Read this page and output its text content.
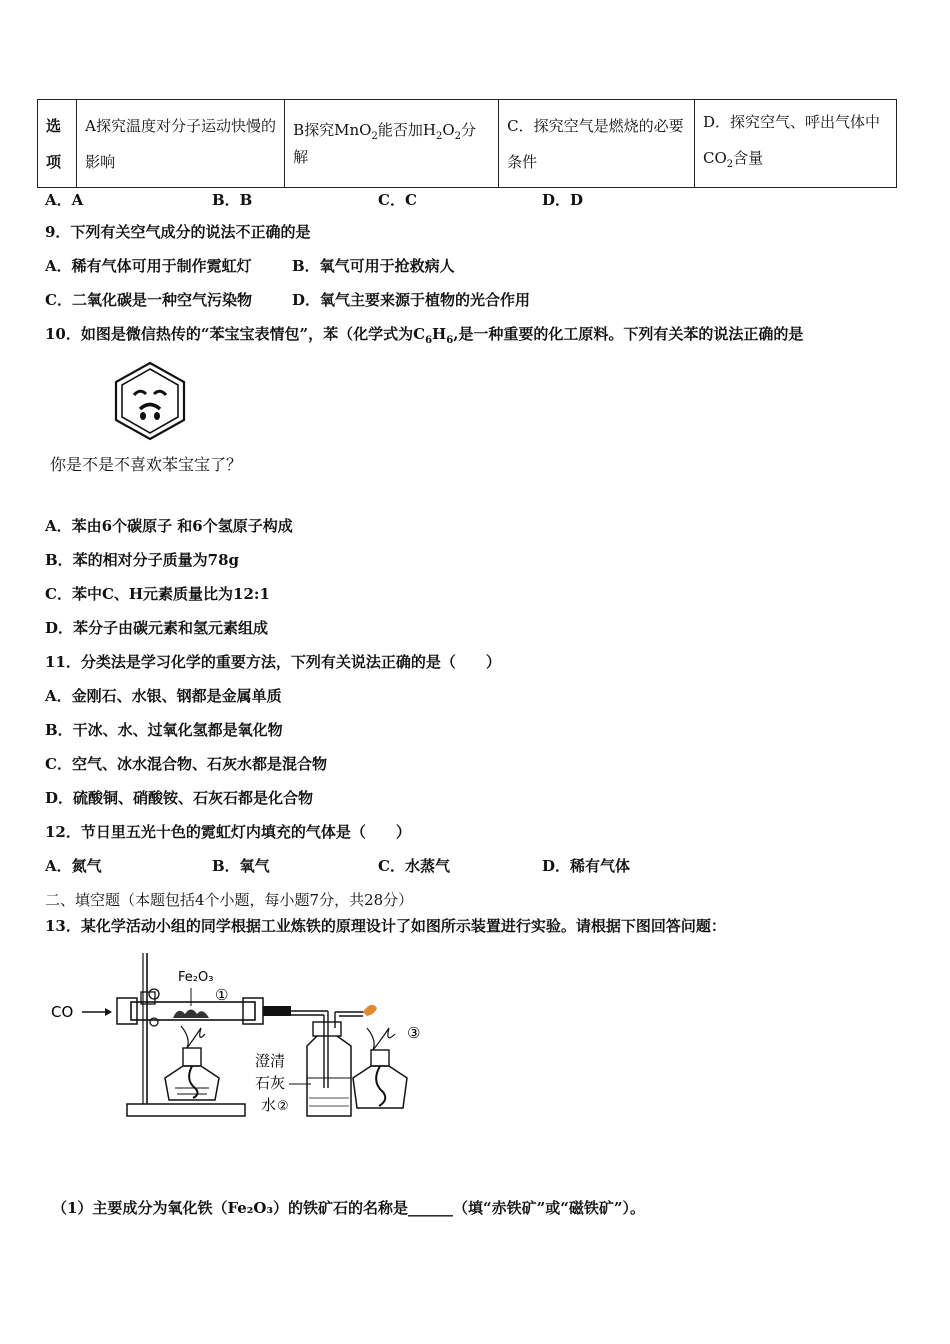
选项	A探究温度对分子运动快慢的影响	B探究MnO$_2$能否加$H_2O_2$分解	C．探究空气是燃烧的必要条件	D．探究空气、呼出气体中$CO_2$含量
A．A	B．B	C．C	D．D
9．下列有关空气成分的说法不正确的是
A．稀有气体可用于制作霓虹灯	B．氧气可用于抢救病人
C．二氧化碳是一种空气污染物	D．氧气主要来源于植物的光合作用
10．如图是微信热传的“苯宝宝表情包”，苯（化学式为$C_6H_6$,是一种重要的化工原料。下列有关苯的说法正确的是
你是不是不喜欢苯宝宝了？
A．苯由6个碳原子 和6个氢原子构成
B．苯的相对分子质量为78g
C．苯中C、H元素质量比为12:1
D．苯分子由碳元素和氢元素组成
11．分类法是学习化学的重要方法，下列有关说法正确的是（　　）
A．金刚石、水银、钢都是金属单质
B．干冰、水、过氧化氢都是氧化物
C．空气、冰水混合物、石灰水都是混合物
D．硫酸铜、硝酸铵、石灰石都是化合物
12．节日里五光十色的霓虹灯内填充的气体是（　　）
A．氮气	B．氧气	C．水蒸气	D．稀有气体
二、填空题（本题包括4个小题，每小题7分，共28分）
13．某化学活动小组的同学根据工业炼铁的原理设计了如图所示装置进行实验。请根据下图回答问题：
CO
Fe₂O₃
①
③
澄清
石灰
水 ②
（1）主要成分为氧化铁（Fe₂O₃）的铁矿石的名称是______（填“赤铁矿”或“磁铁矿”）。
